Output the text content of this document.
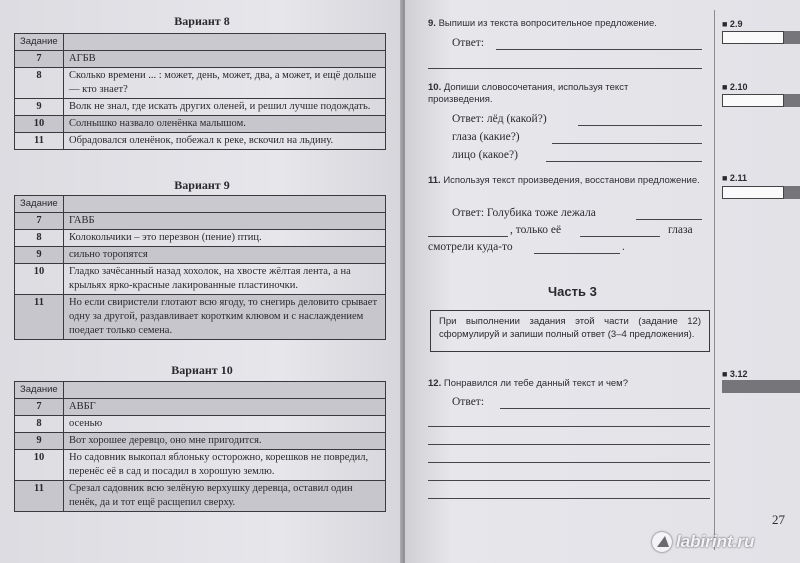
Вариант 8
Задание	
7	АГБВ
8	Сколько времени ... : может, день, может, два, а может, и ещё дольше — кто знает?
9	Волк не знал, где искать других оленей, и решил лучше подождать.
10	Солнышко назвало оленёнка малышом.
11	Обрадовался оленёнок, побежал к реке, вскочил на льдину.
Вариант 9
Задание	
7	ГАВБ
8	Колокольчики – это перезвон (пение) птиц.
9	сильно торопятся
10	Гладко зачёсанный назад хохолок, на хвосте жёлтая лента, а на крыльях ярко-красные лакированные пластиночки.
11	Но если свиристели глотают всю ягоду, то снегирь деловито срывает одну за другой, раздавливает коротким клювом и с наслаждением поедает только семена.
Вариант 10
Задание	
7	АВБГ
8	осенью
9	Вот хорошее деревцо, оно мне пригодится.
10	Но садовник выкопал яблоньку осторожно, корешков не повредил, перенёс её в сад и посадил в хорошую землю.
11	Срезал садовник всю зелёную верхушку деревца, оставил один пенёк, да и тот ещё расщепил сверху.
9. Выпиши из текста вопросительное предложение.
Ответ:
10. Допиши словосочетания, используя текст произведения.
Ответ: лёд (какой?)
глаза (какие?)
лицо (какое?)
11. Используя текст произведения, восстанови предложение.
Ответ: Голубика тоже лежала
, только её	глаза
смотрели куда-то	.
Часть 3
При выполнении задания этой части (задание 12) сформулируй и запиши полный ответ (3–4 предложения).
12. Понравился ли тебе данный текст и чем?
Ответ:
■ 2.9
■ 2.10
■ 2.11
■ 3.12
27
labirint.ru
